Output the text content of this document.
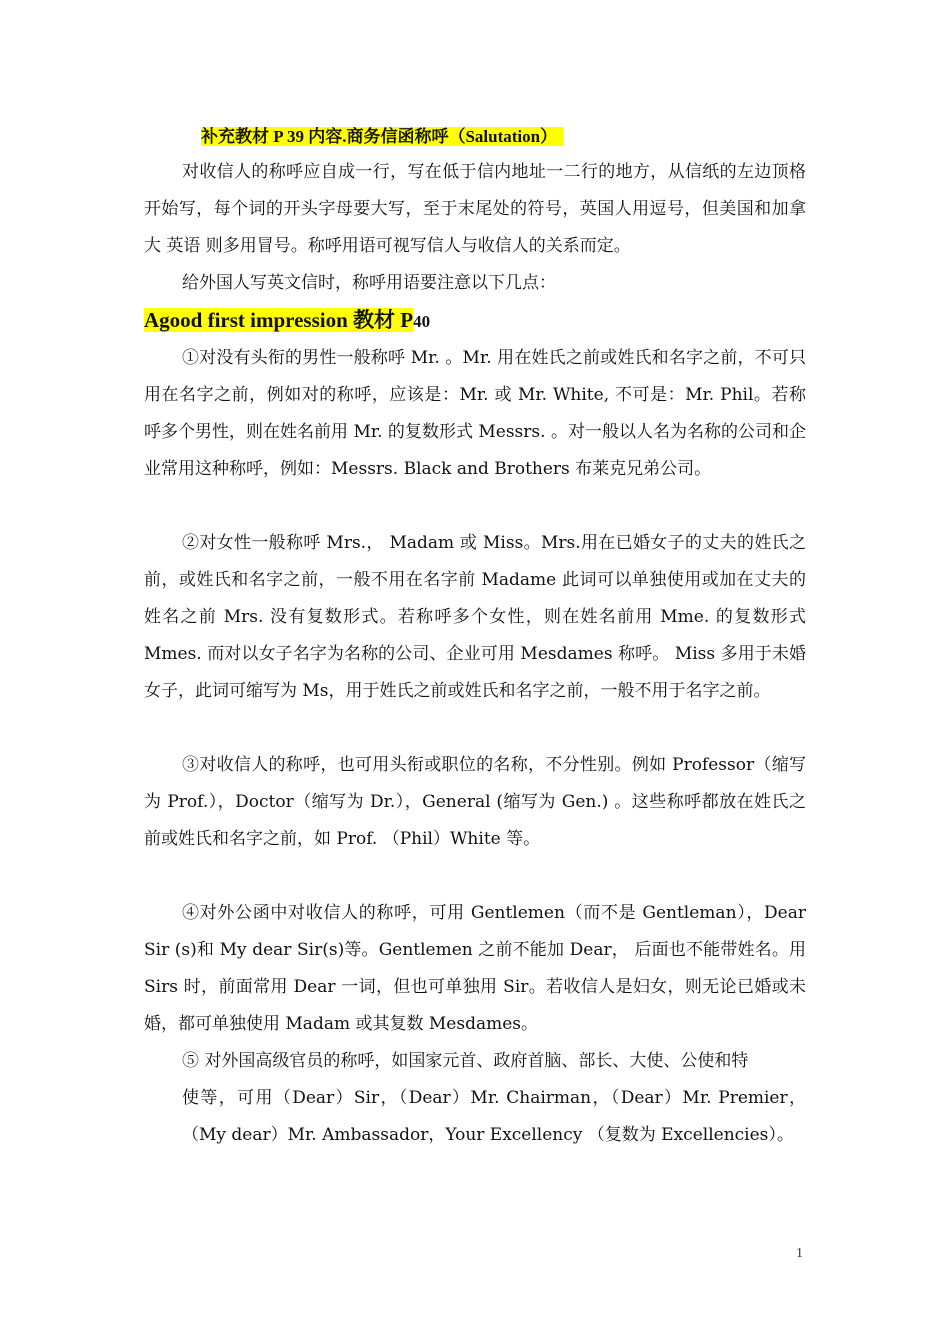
补充教材 P 39 内容.商务信函称呼（Salutation）

对收信人的称呼应自成一行，写在低于信内地址一二行的地方，从信纸的左边顶格开始写，每个词的开头字母要大写，至于末尾处的符号，英国人用逗号，但美国和加拿大 英语 则多用冒号。称呼用语可视写信人与收信人的关系而定。

给外国人写英文信时，称呼用语要注意以下几点：

Agood first impression 教材 P40

①对没有头衔的男性一般称呼 Mr. 。Mr. 用在姓氏之前或姓氏和名字之前，不可只用在名字之前，例如对的称呼，应该是：Mr. 或 Mr. White, 不可是：Mr. Phil。若称呼多个男性，则在姓名前用 Mr. 的复数形式 Messrs. 。对一般以人名为名称的公司和企业常用这种称呼，例如：Messrs. Black and Brothers 布莱克兄弟公司。

②对女性一般称呼 Mrs.， Madam 或 Miss。Mrs.用在已婚女子的丈夫的姓氏之前，或姓氏和名字之前，一般不用在名字前 Madame 此词可以单独使用或加在丈夫的姓名之前 Mrs. 没有复数形式。若称呼多个女性，则在姓名前用 Mme. 的复数形式 Mmes. 而对以女子名字为名称的公司、企业可用 Mesdames 称呼。 Miss 多用于未婚女子，此词可缩写为 Ms，用于姓氏之前或姓氏和名字之前，一般不用于名字之前。

③对收信人的称呼，也可用头衔或职位的名称，不分性别。例如 Professor（缩写为 Prof.），Doctor（缩写为 Dr.），General (缩写为 Gen.) 。这些称呼都放在姓氏之前或姓氏和名字之前，如 Prof. （Phil）White 等。

④对外公函中对收信人的称呼，可用 Gentlemen（而不是 Gentleman），Dear Sir (s)和 My dear Sir(s)等。Gentlemen 之前不能加 Dear， 后面也不能带姓名。用 Sirs 时，前面常用 Dear 一词，但也可单独用 Sir。若收信人是妇女，则无论已婚或未婚，都可单独使用 Madam 或其复数 Mesdames。

⑤ 对外国高级官员的称呼，如国家元首、政府首脑、部长、大使、公使和特

使等，可用（Dear）Sir，（Dear）Mr. Chairman，（Dear）Mr. Premier，（My dear）Mr. Ambassador，Your Excellency （复数为 Excellencies）。

1
